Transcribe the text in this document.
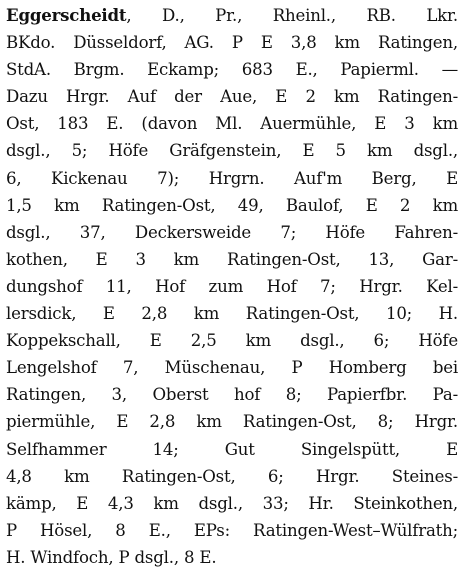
Eggerscheidt, D., Pr., Rheinl., RB. Lkr.
BKdo. Düsseldorf, AG. P E 3,8 km Ratingen,
StdA. Brgm. Eckamp; 683 E., Papierml. —
Dazu Hrgr. Auf der Aue, E 2 km Ratingen-
Ost, 183 E. (davon Ml. Auermühle, E 3 km
dsgl., 5; Höfe Gräfgenstein, E 5 km dsgl.,
6, Kickenau 7); Hrgrn. Auf'm Berg, E
1,5 km Ratingen-Ost, 49, Baulof, E 2 km
dsgl., 37, Deckersweide 7; Höfe Fahren-
kothen, E 3 km Ratingen-Ost, 13, Gar-
dungshof 11, Hof zum Hof 7; Hrgr. Kel-
lersdick, E 2,8 km Ratingen-Ost, 10; H.
Koppekschall, E 2,5 km dsgl., 6; Höfe
Lengelshof 7, Müschenau, P Homberg bei
Ratingen, 3, Oberst hof 8; Papierfbr. Pa-
piermühle, E 2,8 km Ratingen-Ost, 8; Hrgr.
Selfhammer 14; Gut Singelspütt, E
4,8 km Ratingen-Ost, 6; Hrgr. Steines-
kämp, E 4,3 km dsgl., 33; Hr. Steinkothen,
P Hösel, 8 E., EPs: Ratingen-West–Wülfrath;
H. Windfoch, P dsgl., 8 E.
